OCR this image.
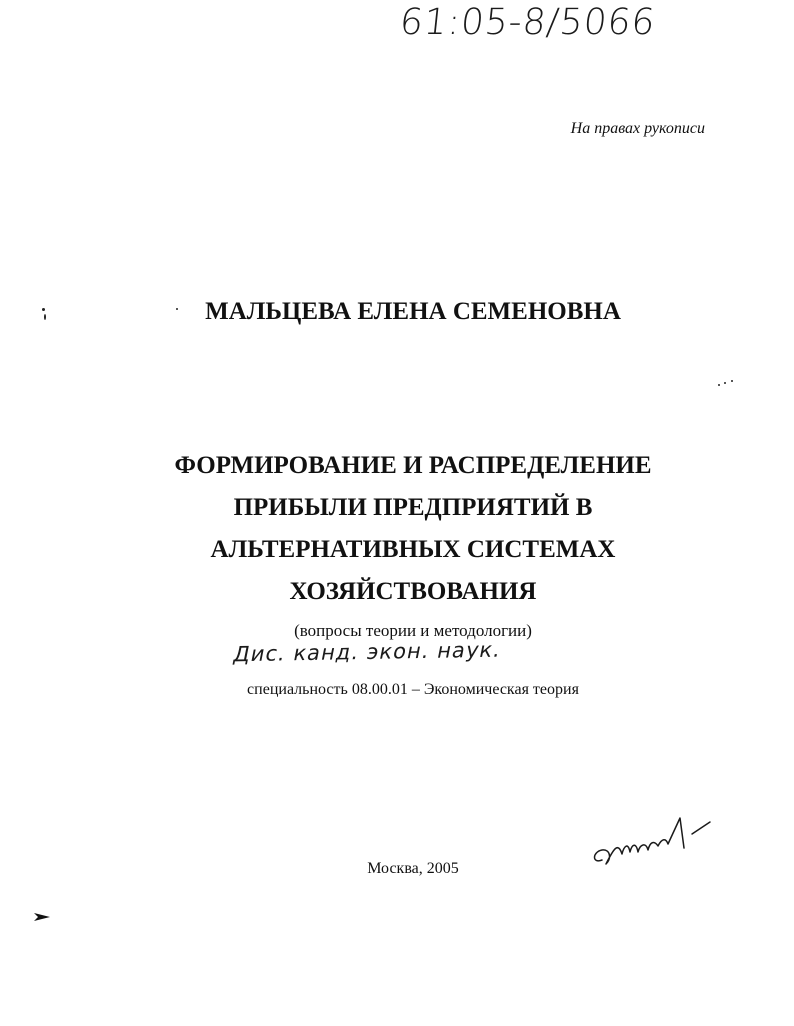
61:05-8/5066
На правах рукописи
МАЛЬЦЕВА ЕЛЕНА СЕМЕНОВНА
ФОРМИРОВАНИЕ И РАСПРЕДЕЛЕНИЕ
ПРИБЫЛИ ПРЕДПРИЯТИЙ В
АЛЬТЕРНАТИВНЫХ СИСТЕМАХ
ХОЗЯЙСТВОВАНИЯ
(вопросы теории и методологии)
Дис. канд. экон. наук.
специальность 08.00.01 – Экономическая теория
Москва, 2005
